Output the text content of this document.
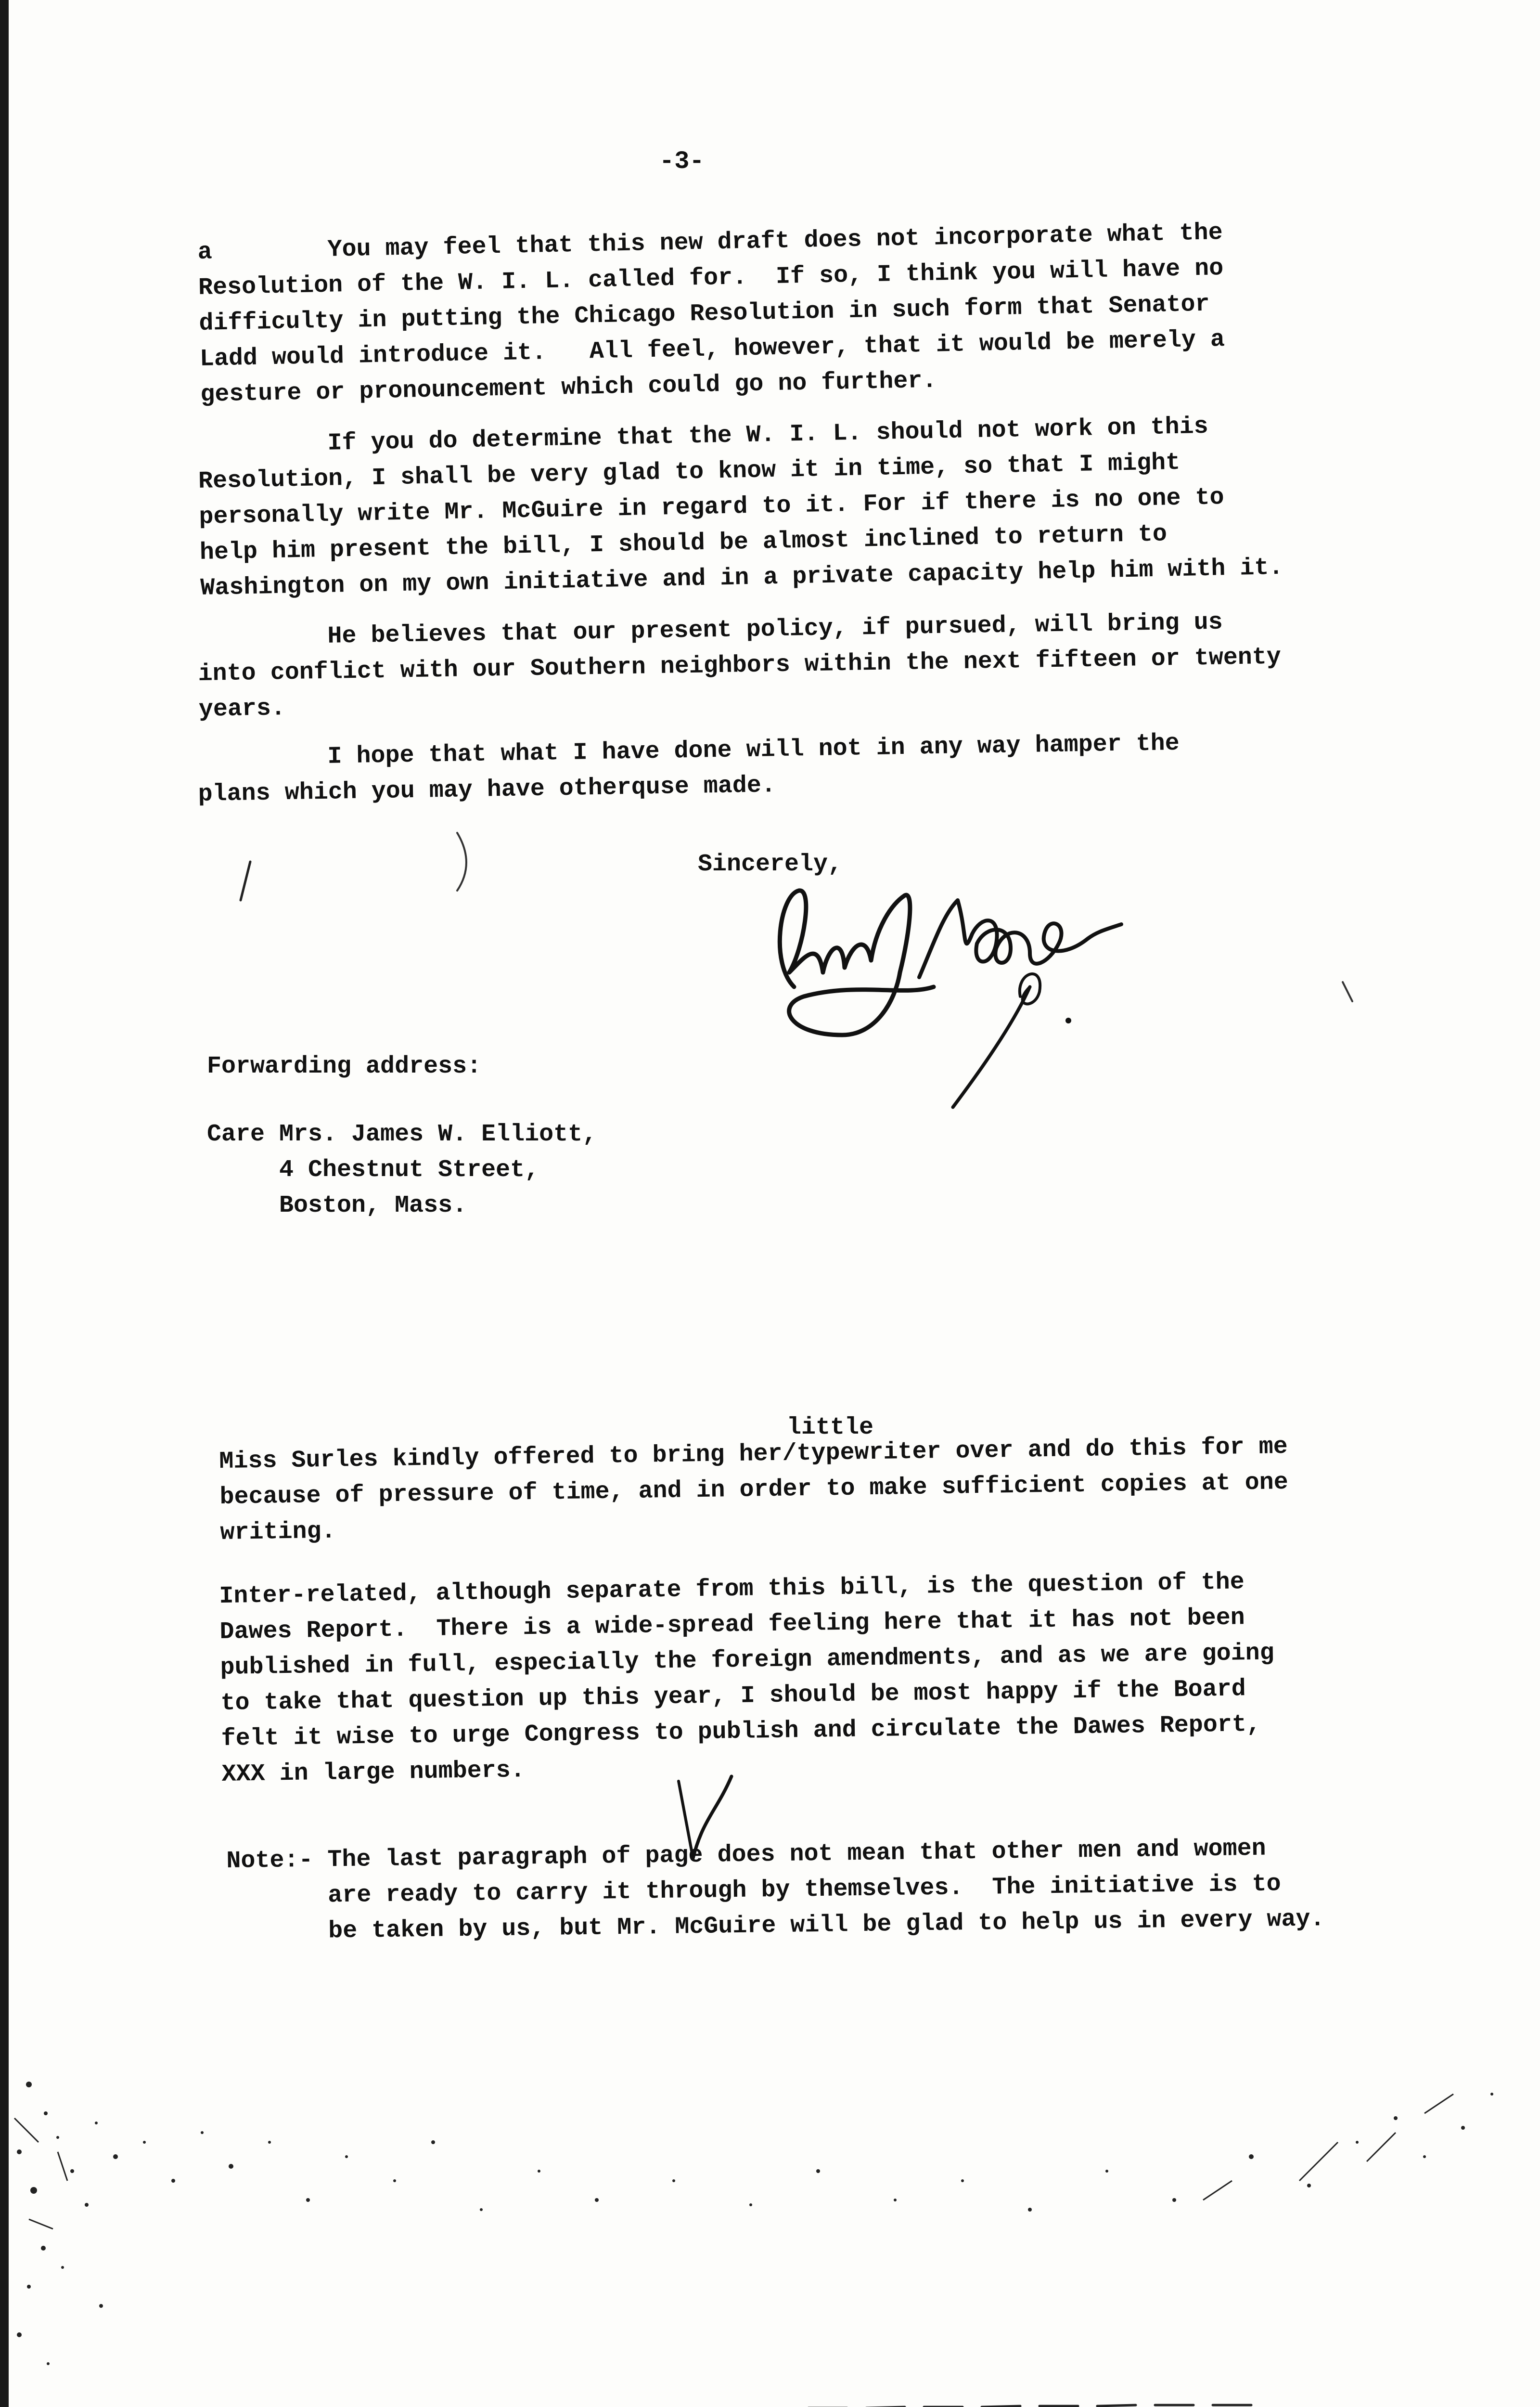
-3-
a        You may feel that this new draft does not incorporate what the
Resolution of the W. I. L. called for.  If so, I think you will have no
difficulty in putting the Chicago Resolution in such form that Senator
Ladd would introduce it.   All feel, however, that it would be merely a
gesture or pronouncement which could go no further.
If you do determine that the W. I. L. should not work on this
Resolution, I shall be very glad to know it in time, so that I might
personally write Mr. McGuire in regard to it. For if there is no one to
help him present the bill, I should be almost inclined to return to
Washington on my own initiative and in a private capacity help him with it.
He believes that our present policy, if pursued, will bring us
into conflict with our Southern neighbors within the next fifteen or twenty
years.
I hope that what I have done will not in any way hamper the
plans which you may have otherquse made.
Sincerely,
Forwarding address:
Care Mrs. James W. Elliott,
4 Chestnut Street,
Boston, Mass.
little
Miss Surles kindly offered to bring her/typewriter over and do this for me
because of pressure of time, and in order to make sufficient copies at one
writing.
Inter-related, although separate from this bill, is the question of the
Dawes Report.  There is a wide-spread feeling here that it has not been
published in full, especially the foreign amendments, and as we are going
to take that question up this year, I should be most happy if the Board
felt it wise to urge Congress to publish and circulate the Dawes Report,
XXX in large numbers.
Note:- The last paragraph of page does not mean that other men and women
are ready to carry it through by themselves.  The initiative is to
be taken by us, but Mr. McGuire will be glad to help us in every way.
